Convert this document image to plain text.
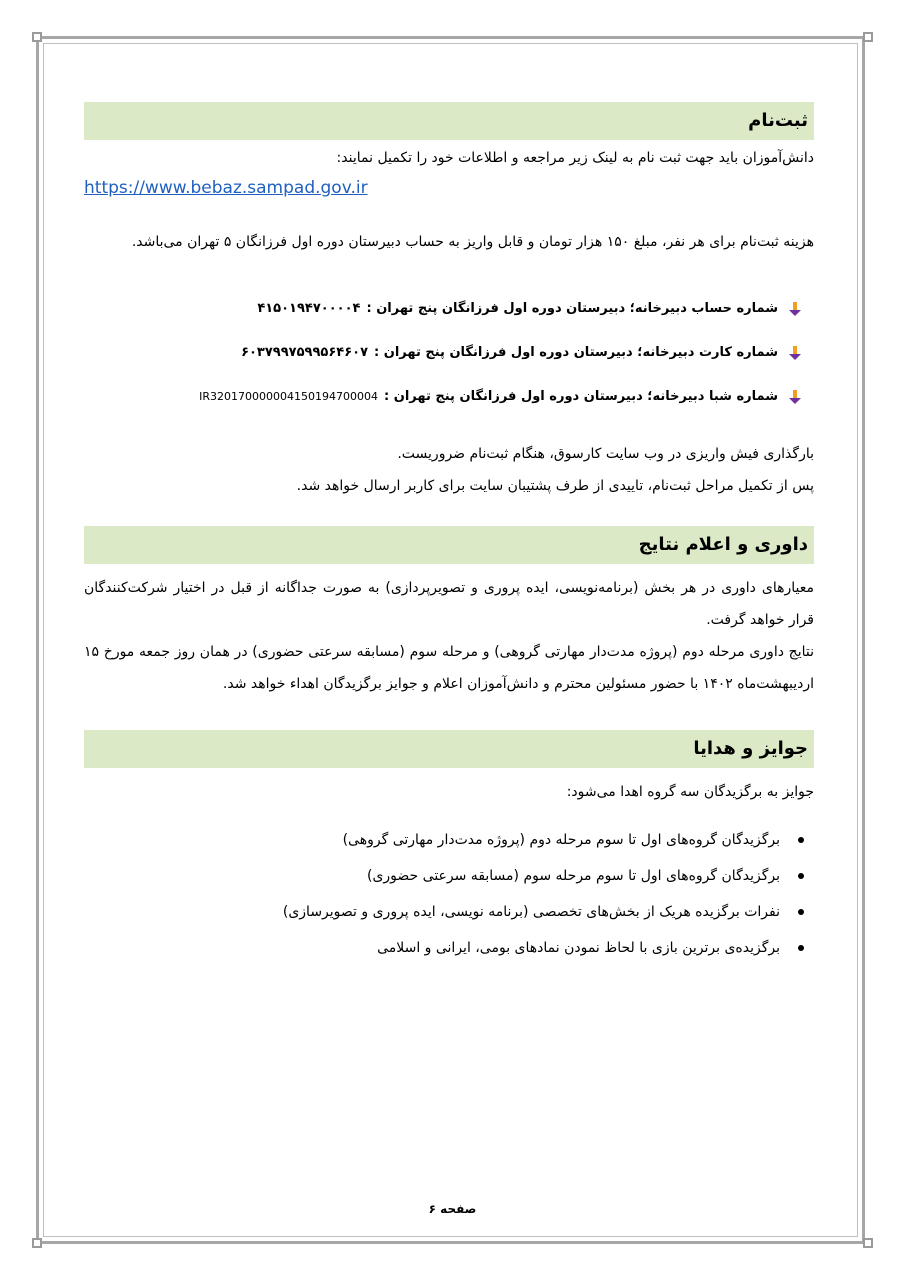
ثبت‌نام

دانش‌آموزان باید جهت ثبت نام به لینک زیر مراجعه و اطلاعات خود را تکمیل نمایند:

https://www.bebaz.sampad.gov.ir

هزینه ثبت‌نام برای هر نفر، مبلغ ۱۵۰ هزار تومان و قابل واریز به حساب دبیرستان دوره اول فرزانگان ۵ تهران می‌باشد.

شماره حساب دبیرخانه؛ دبیرستان دوره اول فرزانگان پنج تهران :
۴۱۵۰۱۹۴۷۰۰۰۰۴
شماره کارت دبیرخانه؛ دبیرستان دوره اول فرزانگان پنج تهران :
۶۰۳۷۹۹۷۵۹۹۵۶۴۶۰۷
شماره شبا دبیرخانه؛ دبیرستان دوره اول فرزانگان پنج تهران :
IR320170000004150194700004

بارگذاری فیش واریزی در وب سایت کارسوق، هنگام ثبت‌نام ضروریست.

پس از تکمیل مراحل ثبت‌نام، تاییدی از طرف پشتیبان سایت برای کاربر ارسال خواهد شد.

داوری و اعلام نتایج

معیارهای داوری در هر بخش (برنامه‌نویسی، ایده پروری و تصویرپردازی) به صورت جداگانه از قبل در اختیار شرکت‌کنندگان قرار خواهد گرفت.

نتایج داوری مرحله دوم (پروژه مدت‌دار مهارتی گروهی) و مرحله سوم (مسابقه سرعتی حضوری) در همان روز جمعه مورخ ۱۵ اردیبهشت‌ماه ۱۴۰۲ با حضور مسئولین محترم و دانش‌آموزان اعلام و جوایز برگزیدگان اهداء خواهد شد.

جوایز و هدایا

جوایز به برگزیدگان سه گروه اهدا می‌شود:

برگزیدگان گروه‌های اول تا سوم مرحله دوم (پروژه مدت‌دار مهارتی گروهی)
برگزیدگان گروه‌های اول تا سوم مرحله سوم (مسابقه سرعتی حضوری)
نفرات برگزیده هریک از بخش‌های تخصصی (برنامه نویسی، ایده پروری و تصویرسازی)
برگزیده‌ی برترین بازی با لحاظ نمودن نمادهای بومی، ایرانی و اسلامی
صفحه ۶
